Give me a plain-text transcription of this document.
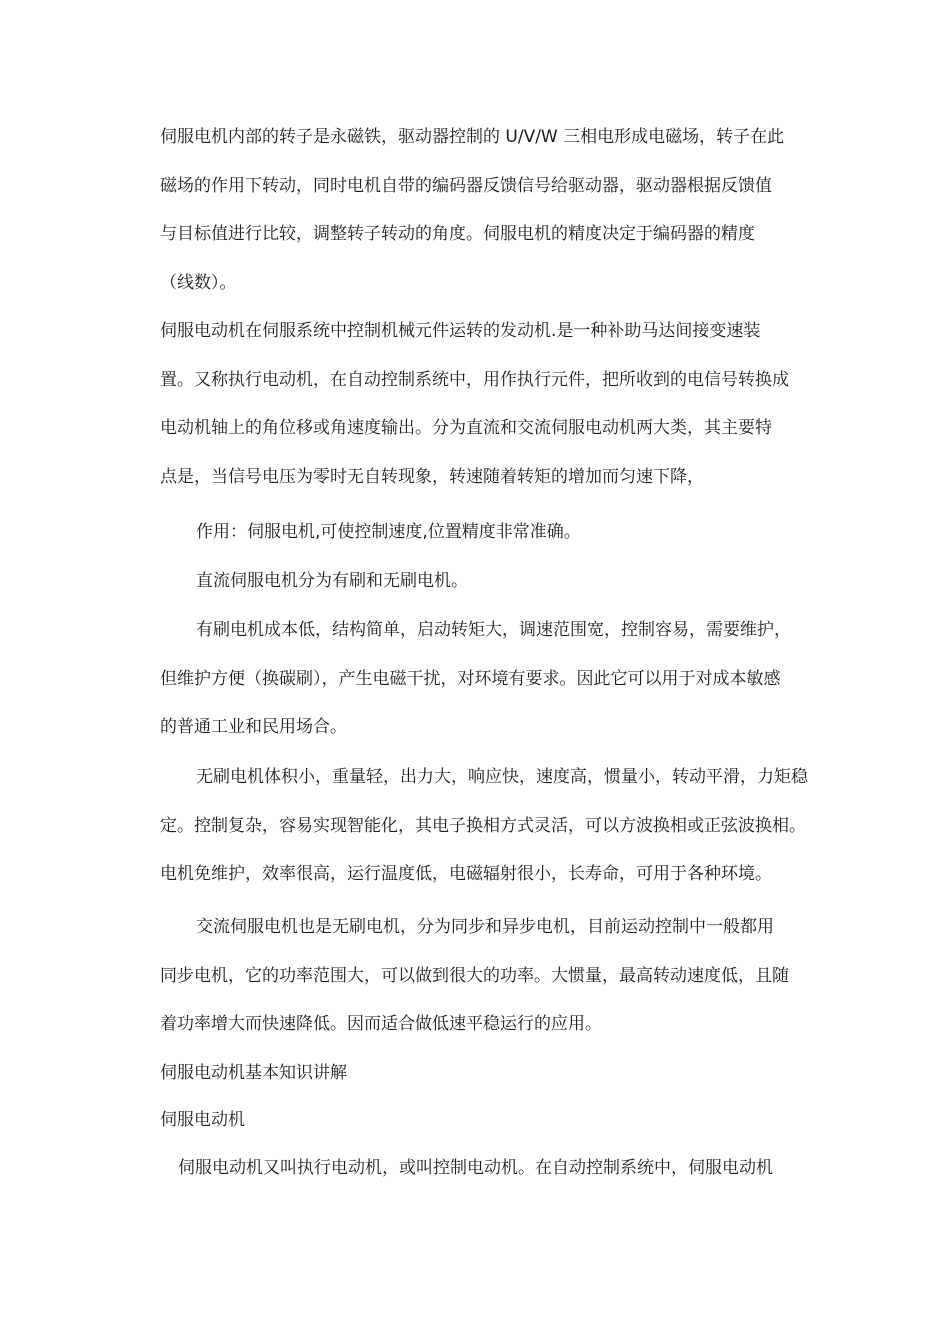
伺服电机内部的转子是永磁铁，驱动器控制的 U/V/W 三相电形成电磁场，转子在此
磁场的作用下转动，同时电机自带的编码器反馈信号给驱动器，驱动器根据反馈值
与目标值进行比较，调整转子转动的角度。伺服电机的精度决定于编码器的精度
（线数）。

伺服电动机在伺服系统中控制机械元件运转的发动机.是一种补助马达间接变速装
置。又称执行电动机，在自动控制系统中，用作执行元件，把所收到的电信号转换成
电动机轴上的角位移或角速度输出。分为直流和交流伺服电动机两大类，其主要特
点是，当信号电压为零时无自转现象，转速随着转矩的增加而匀速下降，

作用：伺服电机,可使控制速度,位置精度非常准确。

直流伺服电机分为有刷和无刷电机。

有刷电机成本低，结构简单，启动转矩大，调速范围宽，控制容易，需要维护，
但维护方便（换碳刷），产生电磁干扰，对环境有要求。因此它可以用于对成本敏感
的普通工业和民用场合。

无刷电机体积小，重量轻，出力大，响应快，速度高，惯量小，转动平滑，力矩稳
定。控制复杂，容易实现智能化，其电子换相方式灵活，可以方波换相或正弦波换相。
电机免维护，效率很高，运行温度低，电磁辐射很小，长寿命，可用于各种环境。

交流伺服电机也是无刷电机，分为同步和异步电机，目前运动控制中一般都用
同步电机，它的功率范围大，可以做到很大的功率。大惯量，最高转动速度低，且随
着功率增大而快速降低。因而适合做低速平稳运行的应用。

伺服电动机基本知识讲解

伺服电动机

伺服电动机又叫执行电动机，或叫控制电动机。在自动控制系统中，伺服电动机
